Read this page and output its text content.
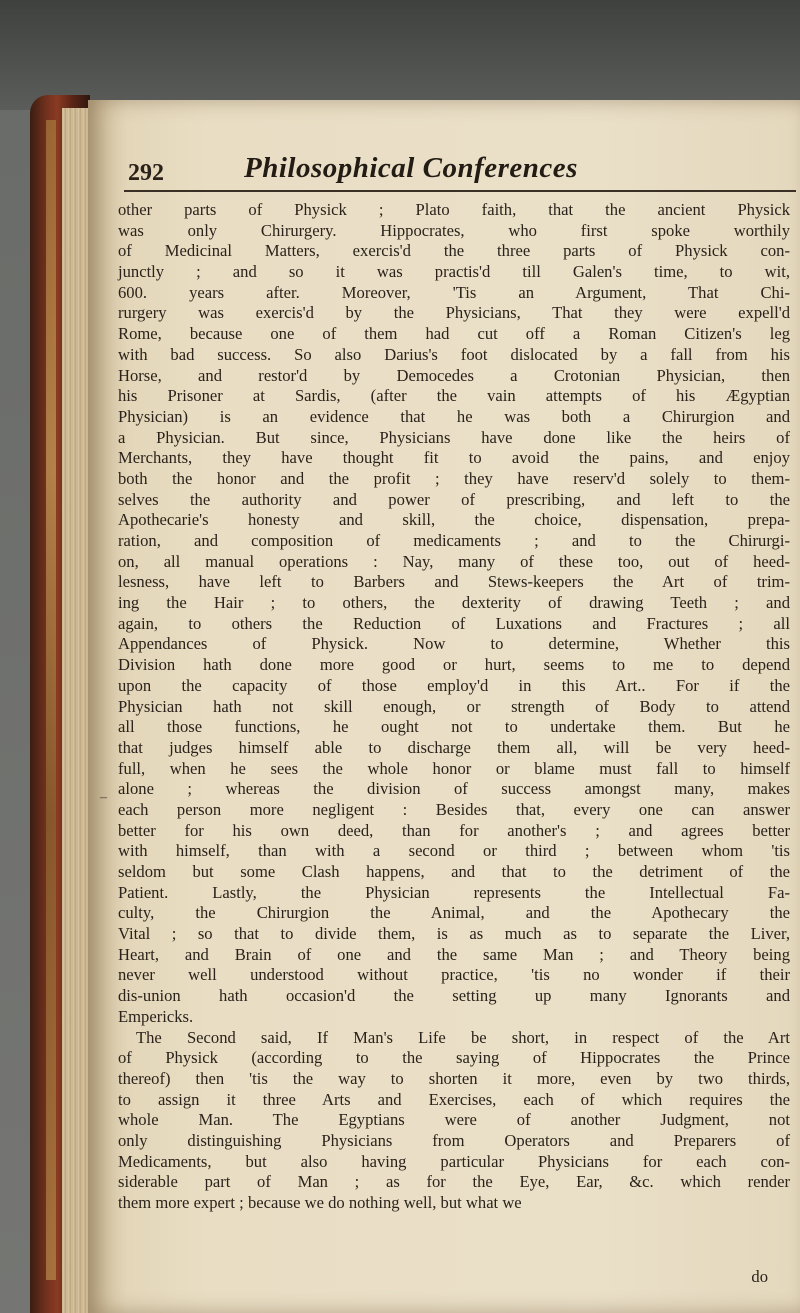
292	Philosophical Conferences
–
other parts of Physick ; Plato faith, that the ancient Physick
was only Chirurgery. Hippocrates, who first spoke worthily
of Medicinal Matters, exercis'd the three parts of Physick con-
junctly ; and so it was practis'd till Galen's time, to wit,
600. years after. Moreover, 'Tis an Argument, That Chi-
rurgery was exercis'd by the Physicians, That they were expell'd
Rome, because one of them had cut off a Roman Citizen's leg
with bad success. So also Darius's foot dislocated by a fall from his
Horse, and restor'd by Democedes a Crotonian Physician, then
his Prisoner at Sardis, (after the vain attempts of his Ægyptian
Physician) is an evidence that he was both a Chirurgion and
a Physician. But since, Physicians have done like the heirs of
Merchants, they have thought fit to avoid the pains, and enjoy
both the honor and the profit ; they have reserv'd solely to them-
selves the authority and power of prescribing, and left to the
Apothecarie's honesty and skill, the choice, dispensation, prepa-
ration, and composition of medicaments ; and to the Chirurgi-
on, all manual operations : Nay, many of these too, out of heed-
lesness, have left to Barbers and Stews-keepers the Art of trim-
ing the Hair ; to others, the dexterity of drawing Teeth ; and
again, to others the Reduction of Luxations and Fractures ; all
Appendances of Physick. Now to determine, Whether this
Division hath done more good or hurt, seems to me to depend
upon the capacity of those employ'd in this Art.. For if the
Physician hath not skill enough, or strength of Body to attend
all those functions, he ought not to undertake them. But he
that judges himself able to discharge them all, will be very heed-
full, when he sees the whole honor or blame must fall to himself
alone ; whereas the division of success amongst many, makes
each person more negligent : Besides that, every one can answer
better for his own deed, than for another's ; and agrees better
with himself, than with a second or third ; between whom 'tis
seldom but some Clash happens, and that to the detriment of the
Patient. Lastly, the Physician represents the Intellectual Fa-
culty, the Chirurgion the Animal, and the Apothecary the
Vital ; so that to divide them, is as much as to separate the Liver,
Heart, and Brain of one and the same Man ; and Theory being
never well understood without practice, 'tis no wonder if their
dis-union hath occasion'd the setting up many Ignorants and
Empericks.
The Second said, If Man's Life be short, in respect of the Art
of Physick (according to the saying of Hippocrates the Prince
thereof) then 'tis the way to shorten it more, even by two thirds,
to assign it three Arts and Exercises, each of which requires the
whole Man. The Egyptians were of another Judgment, not
only distinguishing Physicians from Operators and Preparers of
Medicaments, but also having particular Physicians for each con-
siderable part of Man ; as for the Eye, Ear, &c. which render
them more expert ; because we do nothing well, but what we
do
